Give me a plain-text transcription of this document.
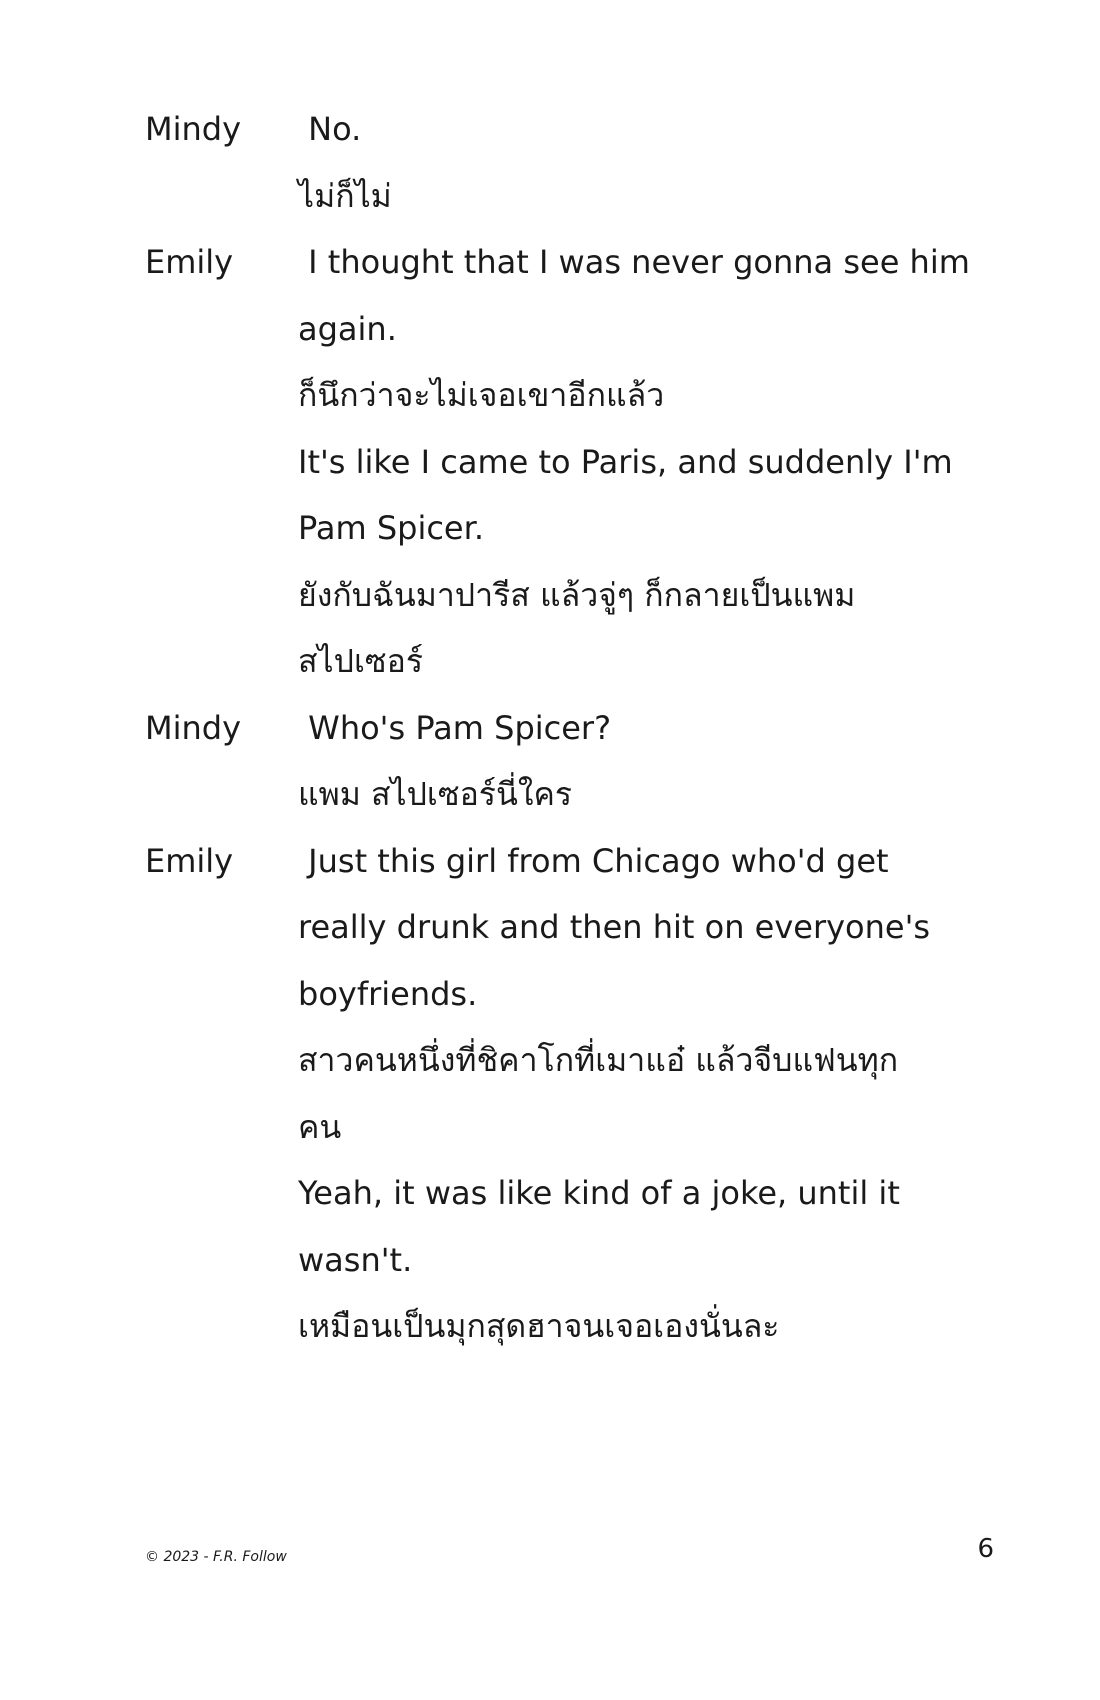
Mindy	No.
ไม่ก็ไม่
Emily	I thought that I was never gonna see him
again.
ก็นึกว่าจะไม่เจอเขาอีกแล้ว
It's like I came to Paris, and suddenly I'm
Pam Spicer.
ยังกับฉันมาปารีส แล้วจู่ๆ ก็กลายเป็นแพม
สไปเซอร์
Mindy	Who's Pam Spicer?
แพม สไปเซอร์นี่ใคร
Emily	Just this girl from Chicago who'd get
really drunk and then hit on everyone's
boyfriends.
สาวคนหนึ่งที่ชิคาโกที่เมาแอ๋ แล้วจีบแฟนทุก
คน
Yeah, it was like kind of a joke, until it
wasn't.
เหมือนเป็นมุกสุดฮาจนเจอเองนั่นละ
© 2023 - F.R. Follow	6
